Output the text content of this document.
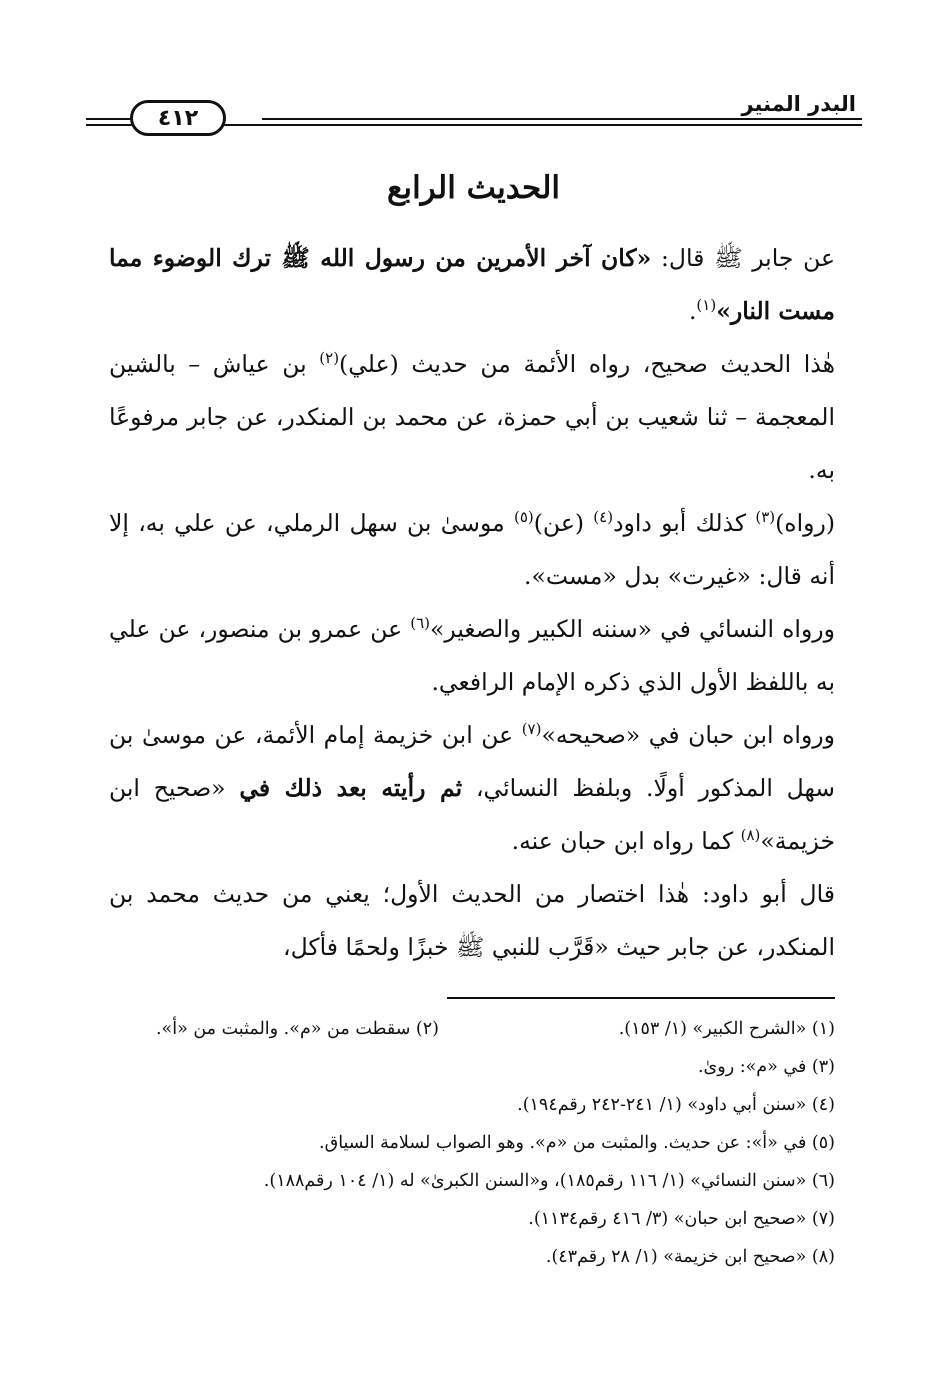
البدر المنير
٤١٢
الحديث الرابع

عن جابر ﷺ قال: «كان آخر الأمرين من رسول الله ﷺ ترك الوضوء مما مست النار»$^{(١)}$.

هٰذا الحديث صحيح، رواه الأئمة من حديث (علي)$^{(٢)}$ بن عياش – بالشين المعجمة – ثنا شعيب بن أبي حمزة، عن محمد بن المنكدر، عن جابر مرفوعًا به.

(رواه)$^{(٣)}$ كذلك أبو داود$^{(٤)}$ (عن)$^{(٥)}$ موسىٰ بن سهل الرملي، عن علي به، إلا أنه قال: «غيرت» بدل «مست».

ورواه النسائي في «سننه الكبير والصغير»$^{(٦)}$ عن عمرو بن منصور، عن علي به باللفظ الأول الذي ذكره الإمام الرافعي.

ورواه ابن حبان في «صحيحه»$^{(٧)}$ عن ابن خزيمة إمام الأئمة، عن موسىٰ بن سهل المذكور أولًا. وبلفظ النسائي، ثم رأيته بعد ذلك في «صحيح ابن خزيمة»$^{(٨)}$ كما رواه ابن حبان عنه.

قال أبو داود: هٰذا اختصار من الحديث الأول؛ يعني من حديث محمد بن المنكدر، عن جابر حيث «قَرَّب للنبي ﷺ خبزًا ولحمًا فأكل،

(١) «الشرح الكبير» (١/ ١٥٣).
(٢) سقطت من «م». والمثبت من «أ».
(٣) في «م»: روىٰ.
(٤) «سنن أبي داود» (١/ ٢٤١-٢٤٢ رقم١٩٤).
(٥) في «أ»: عن حديث. والمثبت من «م». وهو الصواب لسلامة السياق.
(٦) «سنن النسائي» (١/ ١١٦ رقم١٨٥)، و«السنن الكبرىٰ» له (١/ ١٠٤ رقم١٨٨).
(٧) «صحيح ابن حبان» (٣/ ٤١٦ رقم١١٣٤).
(٨) «صحيح ابن خزيمة» (١/ ٢٨ رقم٤٣).
